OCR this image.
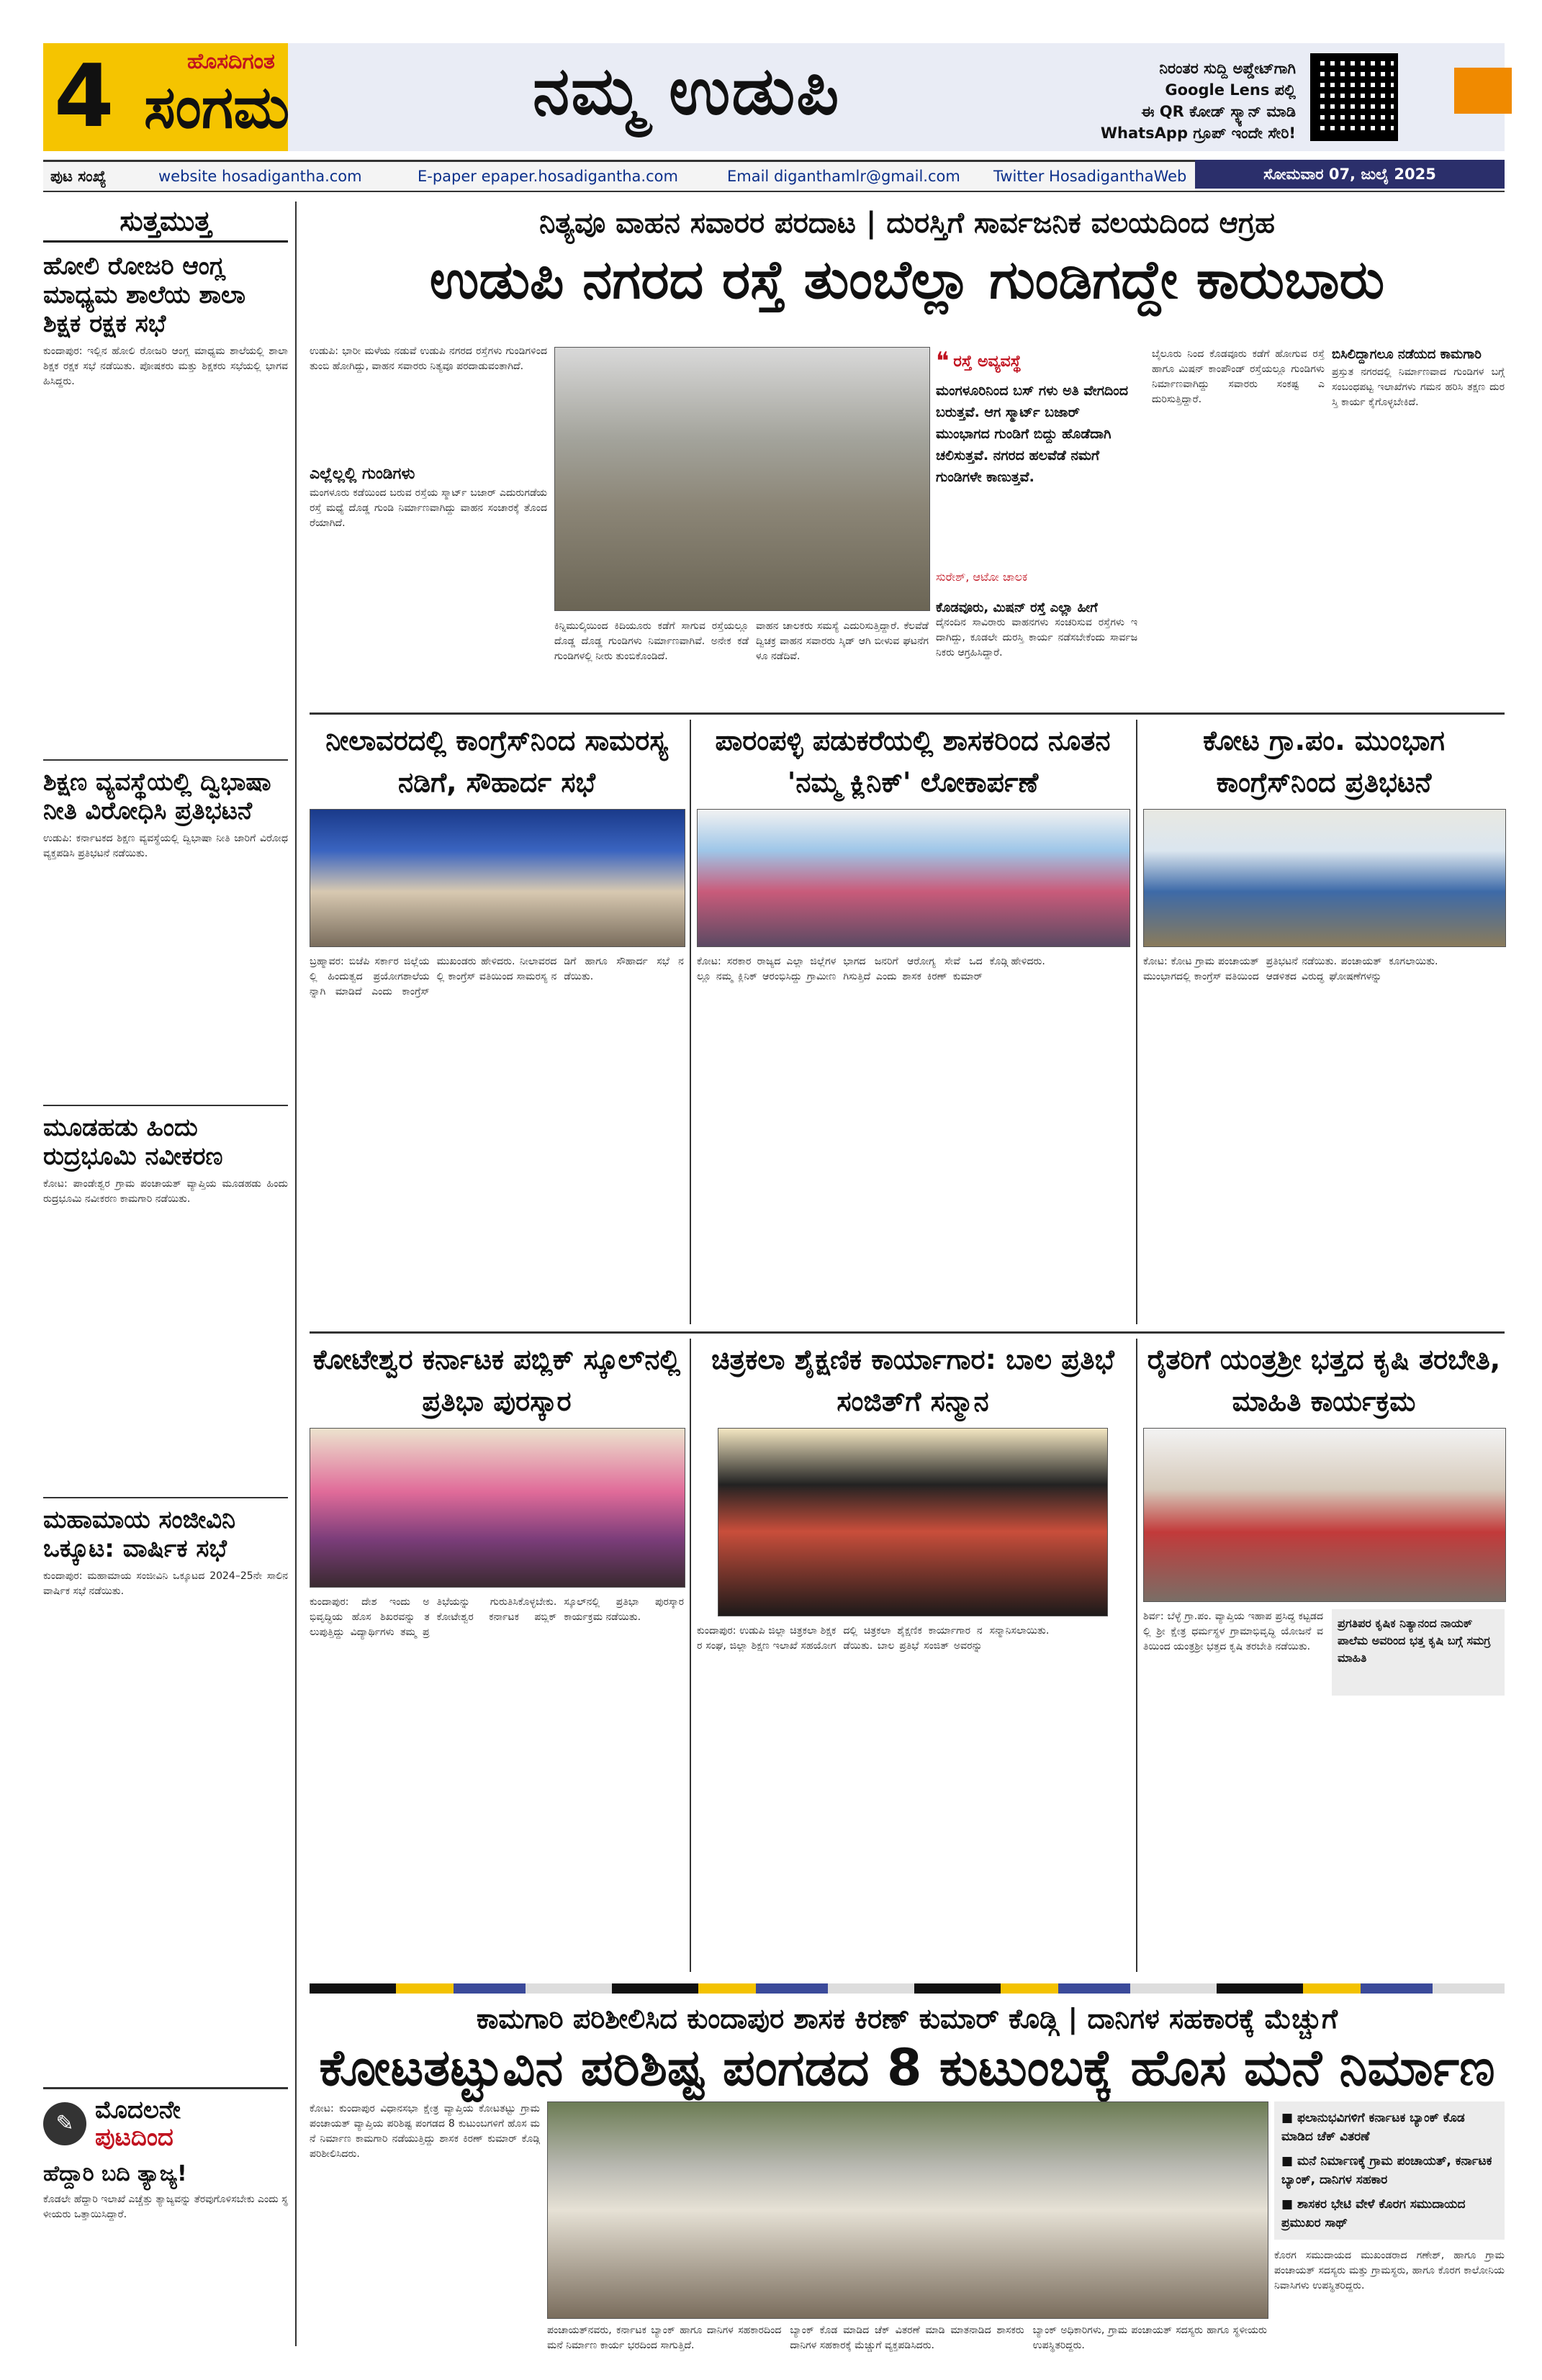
4	ಹೊಸದಿಗಂತ
ಸಂಗಮ	ನಮ್ಮ ಉಡುಪಿ	ನಿರಂತರ ಸುದ್ದಿ ಅಪ್ಡೇಟ್‌ಗಾಗಿ
Google Lens ಪಲ್ಲಿ
ಈ QR ಕೋಡ್ ಸ್ಕ್ಯಾನ್ ಮಾಡಿ
WhatsApp ಗ್ರೂಪ್ ಇಂದೇ ಸೇರಿ!
ಪುಟ ಸಂಖ್ಯೆ	website hosadigantha.com	E-paper epaper.hosadigantha.com	Email diganthamlr@gmail.com Twitter HosadiganthaWeb	ಸೋಮವಾರ 07, ಜುಲೈ 2025
ಸುತ್ತಮುತ್ತ
ಹೋಲಿ ರೋಜರಿ ಆಂಗ್ಲ ಮಾಧ್ಯಮ ಶಾಲೆಯ ಶಾಲಾ ಶಿಕ್ಷಕ ರಕ್ಷಕ ಸಭೆ
ಕುಂದಾಪುರ: ಇಲ್ಲಿನ ಹೋಲಿ ರೋಜರಿ ಆಂಗ್ಲ ಮಾಧ್ಯಮ ಶಾಲೆಯಲ್ಲಿ ಶಾಲಾ ಶಿಕ್ಷಕ ರಕ್ಷಕ ಸಭೆ ನಡೆಯಿತು. ಪೋಷಕರು ಮತ್ತು ಶಿಕ್ಷಕರು ಸಭೆಯಲ್ಲಿ ಭಾಗವಹಿಸಿದ್ದರು.
ಶಿಕ್ಷಣ ವ್ಯವಸ್ಥೆಯಲ್ಲಿ ದ್ವಿಭಾಷಾ ನೀತಿ ವಿರೋಧಿಸಿ ಪ್ರತಿಭಟನೆ
ಉಡುಪಿ: ಕರ್ನಾಟಕದ ಶಿಕ್ಷಣ ವ್ಯವಸ್ಥೆಯಲ್ಲಿ ದ್ವಿಭಾಷಾ ನೀತಿ ಜಾರಿಗೆ ವಿರೋಧ ವ್ಯಕ್ತಪಡಿಸಿ ಪ್ರತಿಭಟನೆ ನಡೆಯಿತು.
ಮೂಡಹಡು ಹಿಂದು ರುದ್ರಭೂಮಿ ನವೀಕರಣ
ಕೋಟ: ಪಾಂಡೇಶ್ವರ ಗ್ರಾಮ ಪಂಚಾಯತ್ ವ್ಯಾಪ್ತಿಯ ಮೂಡಹಡು ಹಿಂದು ರುದ್ರಭೂಮಿ ನವೀಕರಣ ಕಾಮಗಾರಿ ನಡೆಯಿತು.
ಮಹಾಮಾಯ ಸಂಜೀವಿನಿ ಒಕ್ಕೂಟ: ವಾರ್ಷಿಕ ಸಭೆ
ಕುಂದಾಪುರ: ಮಹಾಮಾಯ ಸಂಜೀವಿನಿ ಒಕ್ಕೂಟದ 2024–25ನೇ ಸಾಲಿನ ವಾರ್ಷಿಕ ಸಭೆ ನಡೆಯಿತು.
✎ ಮೊದಲನೇ
ಪುಟದಿಂದ
ಹೆದ್ದಾರಿ ಬದಿ ತ್ಯಾಜ್ಯ!
ಕೊಡಲೇ ಹೆದ್ದಾರಿ ಇಲಾಖೆ ಎಚ್ಚೆತ್ತು ತ್ಯಾಜ್ಯವನ್ನು ತೆರವುಗೊಳಿಸಬೇಕು ಎಂದು ಸ್ಥಳೀಯರು ಒತ್ತಾಯಿಸಿದ್ದಾರೆ.
ನಿತ್ಯವೂ ವಾಹನ ಸವಾರರ ಪರದಾಟ | ದುರಸ್ತಿಗೆ ಸಾರ್ವಜನಿಕ ವಲಯದಿಂದ ಆಗ್ರಹ
ಉಡುಪಿ ನಗರದ ರಸ್ತೆ ತುಂಬೆಲ್ಲಾ ಗುಂಡಿಗದ್ದೇ ಕಾರುಬಾರು
ಉಡುಪಿ: ಭಾರೀ ಮಳೆಯ ನಡುವೆ ಉಡುಪಿ ನಗರದ ರಸ್ತೆಗಳು ಗುಂಡಿಗಳಿಂದ ತುಂಬಿ ಹೋಗಿದ್ದು, ವಾಹನ ಸವಾರರು ನಿತ್ಯವೂ ಪರದಾಡುವಂತಾಗಿದೆ.
ಎಲ್ಲೆಲ್ಲಲ್ಲಿ ಗುಂಡಿಗಳು
ಮಂಗಳೂರು ಕಡೆಯಿಂದ ಬರುವ ರಸ್ತೆಯ ಸ್ಮಾರ್ಟ್ ಬಜಾರ್ ಎದುರುಗಡೆಯ ರಸ್ತೆ ಮಧ್ಯೆ ದೊಡ್ಡ ಗುಂಡಿ ನಿರ್ಮಾಣವಾಗಿದ್ದು ವಾಹನ ಸಂಚಾರಕ್ಕೆ ತೊಂದರೆಯಾಗಿದೆ.
ಕಿನ್ನಿಮುಲ್ಕಿಯಿಂದ ಕಿದಿಯೂರು ಕಡೆಗೆ ಸಾಗುವ ರಸ್ತೆಯಲ್ಲೂ ದೊಡ್ಡ ದೊಡ್ಡ ಗುಂಡಿಗಳು ನಿರ್ಮಾಣವಾಗಿವೆ. ಅನೇಕ ಕಡೆ ಗುಂಡಿಗಳಲ್ಲಿ ನೀರು ತುಂಬಿಕೊಂಡಿದೆ.
ವಾಹನ ಚಾಲಕರು ಸಮಸ್ಯೆ ಎದುರಿಸುತ್ತಿದ್ದಾರೆ. ಕೆಲವೆಡೆ ದ್ವಿಚಕ್ರ ವಾಹನ ಸವಾರರು ಸ್ಕಿಡ್ ಆಗಿ ಬೀಳುವ ಘಟನೆಗಳೂ ನಡೆದಿವೆ.
❝ ರಸ್ತೆ ಅವ್ಯವಸ್ಥೆ
ಮಂಗಳೂರಿನಿಂದ ಬಸ್ ಗಳು ಅತಿ ವೇಗದಿಂದ ಬರುತ್ತವೆ. ಆಗ ಸ್ಮಾರ್ಟ್ ಬಜಾರ್ ಮುಂಭಾಗದ ಗುಂಡಿಗೆ ಬಿದ್ದು ಹೊಡೆದಾಗಿ ಚಲಿಸುತ್ತವೆ. ನಗರದ ಹಲವೆಡೆ ನಮಗೆ ಗುಂಡಿಗಳೇ ಕಾಣುತ್ತವೆ.
ಸುರೇಶ್, ಆಟೋ ಚಾಲಕ
ಕೊಡವೂರು, ಮಿಷನ್ ರಸ್ತೆ ಎಲ್ಲಾ ಹೀಗೆ
ದೈನಂದಿನ ಸಾವಿರಾರು ವಾಹನಗಳು ಸಂಚರಿಸುವ ರಸ್ತೆಗಳು ಇದಾಗಿದ್ದು, ಕೂಡಲೇ ದುರಸ್ತಿ ಕಾರ್ಯ ನಡೆಸಬೇಕೆಂದು ಸಾರ್ವಜನಿಕರು ಆಗ್ರಹಿಸಿದ್ದಾರೆ.
ಬೈಲೂರು ನಿಂದ ಕೊಡವೂರು ಕಡೆಗೆ ಹೋಗುವ ರಸ್ತೆ ಹಾಗೂ ಮಿಷನ್ ಕಾಂಪೌಂಡ್ ರಸ್ತೆಯಲ್ಲೂ ಗುಂಡಿಗಳು ನಿರ್ಮಾಣವಾಗಿದ್ದು ಸವಾರರು ಸಂಕಷ್ಟ ಎದುರಿಸುತ್ತಿದ್ದಾರೆ.
ಬಿಸಿಲಿದ್ದಾಗಲೂ ನಡೆಯದ ಕಾಮಗಾರಿ
ಪ್ರಸ್ತುತ ನಗರದಲ್ಲಿ ನಿರ್ಮಾಣವಾದ ಗುಂಡಿಗಳ ಬಗ್ಗೆ ಸಂಬಂಧಪಟ್ಟ ಇಲಾಖೆಗಳು ಗಮನ ಹರಿಸಿ ತಕ್ಷಣ ದುರಸ್ತಿ ಕಾರ್ಯ ಕೈಗೊಳ್ಳಬೇಕಿದೆ.
ನೀಲಾವರದಲ್ಲಿ ಕಾಂಗ್ರೆಸ್‌ನಿಂದ ಸಾಮರಸ್ಯ ನಡಿಗೆ, ಸೌಹಾರ್ದ ಸಭೆ
ಬ್ರಹ್ಮಾವರ: ಬಿಜೆಪಿ ಸರ್ಕಾರ ಜಿಲ್ಲೆಯಲ್ಲಿ ಹಿಂದುತ್ವದ ಪ್ರಯೋಗಶಾಲೆಯನ್ನಾಗಿ ಮಾಡಿದೆ ಎಂದು ಕಾಂಗ್ರೆಸ್ ಮುಖಂಡರು ಹೇಳಿದರು. ನೀಲಾವರದಲ್ಲಿ ಕಾಂಗ್ರೆಸ್ ವತಿಯಿಂದ ಸಾಮರಸ್ಯ ನಡಿಗೆ ಹಾಗೂ ಸೌಹಾರ್ದ ಸಭೆ ನಡೆಯಿತು.
ಪಾರಂಪಳ್ಳಿ ಪಡುಕರೆಯಲ್ಲಿ ಶಾಸಕರಿಂದ ನೂತನ 'ನಮ್ಮ ಕ್ಲಿನಿಕ್' ಲೋಕಾರ್ಪಣೆ
ಕೋಟ: ಸರಕಾರ ರಾಜ್ಯದ ಎಲ್ಲಾ ಜಿಲ್ಲೆಗಳಲ್ಲೂ ನಮ್ಮ ಕ್ಲಿನಿಕ್ ಆರಂಭಿಸಿದ್ದು ಗ್ರಾಮೀಣ ಭಾಗದ ಜನರಿಗೆ ಆರೋಗ್ಯ ಸೇವೆ ಒದಗಿಸುತ್ತಿದೆ ಎಂದು ಶಾಸಕ ಕಿರಣ್ ಕುಮಾರ್ ಕೊಡ್ಗಿ ಹೇಳಿದರು.
ಕೋಟ ಗ್ರಾ.ಪಂ. ಮುಂಭಾಗ ಕಾಂಗ್ರೆಸ್‌ನಿಂದ ಪ್ರತಿಭಟನೆ
ಕೋಟ: ಕೋಟ ಗ್ರಾಮ ಪಂಚಾಯತ್ ಮುಂಭಾಗದಲ್ಲಿ ಕಾಂಗ್ರೆಸ್ ವತಿಯಿಂದ ಪ್ರತಿಭಟನೆ ನಡೆಯಿತು. ಪಂಚಾಯತ್ ಆಡಳಿತದ ವಿರುದ್ಧ ಘೋಷಣೆಗಳನ್ನು ಕೂಗಲಾಯಿತು.
ಕೋಟೇಶ್ವರ ಕರ್ನಾಟಕ ಪಬ್ಲಿಕ್ ಸ್ಕೂಲ್‌ನಲ್ಲಿ ಪ್ರತಿಭಾ ಪುರಸ್ಕಾರ
ಕುಂದಾಪುರ: ದೇಶ ಇಂದು ಅಭಿವೃದ್ಧಿಯ ಹೊಸ ಶಿಖರವನ್ನು ತಲುಪುತ್ತಿದ್ದು ವಿದ್ಯಾರ್ಥಿಗಳು ತಮ್ಮ ಪ್ರತಿಭೆಯನ್ನು ಗುರುತಿಸಿಕೊಳ್ಳಬೇಕು. ಕೋಟೇಶ್ವರ ಕರ್ನಾಟಕ ಪಬ್ಲಿಕ್ ಸ್ಕೂಲ್‌ನಲ್ಲಿ ಪ್ರತಿಭಾ ಪುರಸ್ಕಾರ ಕಾರ್ಯಕ್ರಮ ನಡೆಯಿತು.
ಚಿತ್ರಕಲಾ ಶೈಕ್ಷಣಿಕ ಕಾರ್ಯಾಗಾರ: ಬಾಲ ಪ್ರತಿಭೆ ಸಂಜಿತ್‌ಗೆ ಸನ್ಮಾನ
ಕುಂದಾಪುರ: ಉಡುಪಿ ಜಿಲ್ಲಾ ಚಿತ್ರಕಲಾ ಶಿಕ್ಷಕರ ಸಂಘ, ಜಿಲ್ಲಾ ಶಿಕ್ಷಣ ಇಲಾಖೆ ಸಹಯೋಗದಲ್ಲಿ ಚಿತ್ರಕಲಾ ಶೈಕ್ಷಣಿಕ ಕಾರ್ಯಾಗಾರ ನಡೆಯಿತು. ಬಾಲ ಪ್ರತಿಭೆ ಸಂಜಿತ್ ಅವರನ್ನು ಸನ್ಮಾನಿಸಲಾಯಿತು.
ರೈತರಿಗೆ ಯಂತ್ರಶ್ರೀ ಭತ್ತದ ಕೃಷಿ ತರಬೇತಿ, ಮಾಹಿತಿ ಕಾರ್ಯಕ್ರಮ
ಶಿರ್ವ: ಬೆಳ್ಳೆ ಗ್ರಾ.ಪಂ. ವ್ಯಾಪ್ತಿಯ ಇಹಾಪ ಪ್ರಸಿದ್ಧ ಕಟ್ಟಡದಲ್ಲಿ ಶ್ರೀ ಕ್ಷೇತ್ರ ಧರ್ಮಸ್ಥಳ ಗ್ರಾಮಾಭಿವೃದ್ಧಿ ಯೋಜನೆ ವತಿಯಿಂದ ಯಂತ್ರಶ್ರೀ ಭತ್ತದ ಕೃಷಿ ತರಬೇತಿ ನಡೆಯಿತು.
ಪ್ರಗತಿಪರ ಕೃಷಿಕ ನಿತ್ಯಾನಂದ ನಾಯಕ್ ಪಾಲೆಮ ಅವರಿಂದ ಭತ್ತ ಕೃಷಿ ಬಗ್ಗೆ ಸಮಗ್ರ ಮಾಹಿತಿ
ಕಾಮಗಾರಿ ಪರಿಶೀಲಿಸಿದ ಕುಂದಾಪುರ ಶಾಸಕ ಕಿರಣ್ ಕುಮಾರ್ ಕೊಡ್ಗಿ | ದಾನಿಗಳ ಸಹಕಾರಕ್ಕೆ ಮೆಚ್ಚುಗೆ
ಕೋಟತಟ್ಟುವಿನ ಪರಿಶಿಷ್ಟ ಪಂಗಡದ 8 ಕುಟುಂಬಕ್ಕೆ ಹೊಸ ಮನೆ ನಿರ್ಮಾಣ
ಕೋಟ: ಕುಂದಾಪುರ ವಿಧಾನಸಭಾ ಕ್ಷೇತ್ರ ವ್ಯಾಪ್ತಿಯ ಕೋಟತಟ್ಟು ಗ್ರಾಮ ಪಂಚಾಯತ್ ವ್ಯಾಪ್ತಿಯ ಪರಿಶಿಷ್ಟ ಪಂಗಡದ 8 ಕುಟುಂಬಗಳಿಗೆ ಹೊಸ ಮನೆ ನಿರ್ಮಾಣ ಕಾಮಗಾರಿ ನಡೆಯುತ್ತಿದ್ದು ಶಾಸಕ ಕಿರಣ್ ಕುಮಾರ್ ಕೊಡ್ಗಿ ಪರಿಶೀಲಿಸಿದರು.
ಪಂಚಾಯತ್‌ನವರು, ಕರ್ನಾಟಕ ಬ್ಯಾಂಕ್ ಹಾಗೂ ದಾನಿಗಳ ಸಹಕಾರದಿಂದ ಮನೆ ನಿರ್ಮಾಣ ಕಾರ್ಯ ಭರದಿಂದ ಸಾಗುತ್ತಿದೆ.
ಬ್ಯಾಂಕ್ ಕೊಡ ಮಾಡಿದ ಚೆಕ್ ವಿತರಣೆ ಮಾಡಿ ಮಾತನಾಡಿದ ಶಾಸಕರು ದಾನಿಗಳ ಸಹಕಾರಕ್ಕೆ ಮೆಚ್ಚುಗೆ ವ್ಯಕ್ತಪಡಿಸಿದರು.
ಬ್ಯಾಂಕ್ ಅಧಿಕಾರಿಗಳು, ಗ್ರಾಮ ಪಂಚಾಯತ್ ಸದಸ್ಯರು ಹಾಗೂ ಸ್ಥಳೀಯರು ಉಪಸ್ಥಿತರಿದ್ದರು.
■ ಫಲಾನುಭವಿಗಳಿಗೆ ಕರ್ನಾಟಕ ಬ್ಯಾಂಕ್ ಕೊಡ ಮಾಡಿದ ಚೆಕ್ ವಿತರಣೆ
■ ಮನೆ ನಿರ್ಮಾಣಕ್ಕೆ ಗ್ರಾಮ ಪಂಚಾಯತ್, ಕರ್ನಾಟಕ ಬ್ಯಾಂಕ್, ದಾನಿಗಳ ಸಹಕಾರ
■ ಶಾಸಕರ ಭೇಟಿ ವೇಳೆ ಕೊರಗ ಸಮುದಾಯದ ಪ್ರಮುಖರ ಸಾಥ್
ಕೊರಗ ಸಮುದಾಯದ ಮುಖಂಡರಾದ ಗಣೇಶ್, ಹಾಗೂ ಗ್ರಾಮ ಪಂಚಾಯತ್ ಸದಸ್ಯರು ಮತ್ತು ಗ್ರಾಮಸ್ಥರು, ಹಾಗೂ ಕೊರಗ ಕಾಲೋನಿಯ ನಿವಾಸಿಗಳು ಉಪಸ್ಥಿತರಿದ್ದರು.
